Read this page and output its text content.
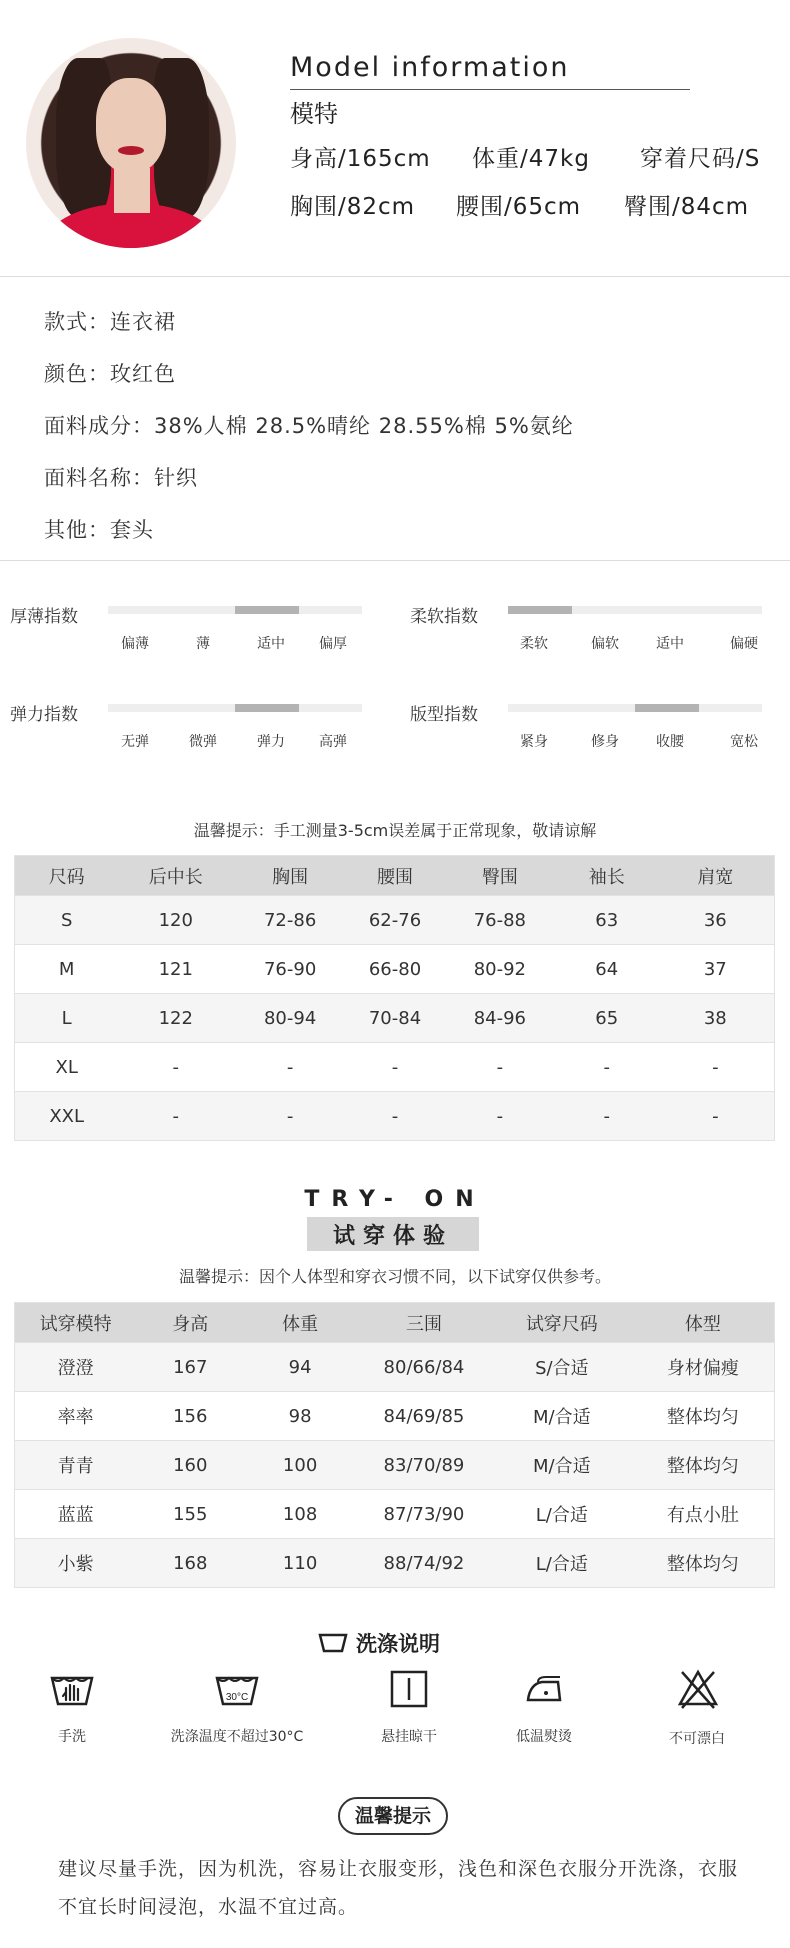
Model information
模特
身高/165cm 体重/47kg 穿着尺码/S
胸围/82cm 腰围/65cm 臀围/84cm
款式：连衣裙
颜色：玫红色
面料成分：38%人棉 28.5%晴纶 28.55%棉 5%氨纶
面料名称：针织
其他：套头
厚薄指数
偏薄	薄	适中 偏厚
柔软指数
柔软	偏软	适中	偏硬
弹力指数
无弹	微弹	弹力 高弹
版型指数
紧身	修身	收腰	宽松
温馨提示：手工测量3-5cm误差属于正常现象，敬请谅解
尺码	后中长	胸围	腰围	臀围	袖长	肩宽
S	120	72-86	62-76	76-88	63	36
M	121	76-90	66-80	80-92	64	37
L	122	80-94	70-84	84-96	65	38
XL	-	-	-	-	-	-
XXL	-	-	-	-	-	-
TRY- ON
试穿体验
温馨提示：因个人体型和穿衣习惯不同，以下试穿仅供参考。
试穿模特	身高	体重	三围	试穿尺码	体型
澄澄	167	94	80/66/84	S/合适	身材偏瘦
率率	156	98	84/69/85	M/合适	整体均匀
青青	160	100	83/70/89	M/合适	整体均匀
蓝蓝	155	108	87/73/90	L/合适	有点小肚
小紫	168	110	88/74/92	L/合适	整体均匀
洗涤说明
手洗
30°C
洗涤温度不超过30°C	悬挂晾干	低温熨烫	不可漂白
温馨提示
建议尽量手洗，因为机洗，容易让衣服变形，浅色和深色衣服分开洗涤，衣服不宜长时间浸泡，水温不宜过高。
